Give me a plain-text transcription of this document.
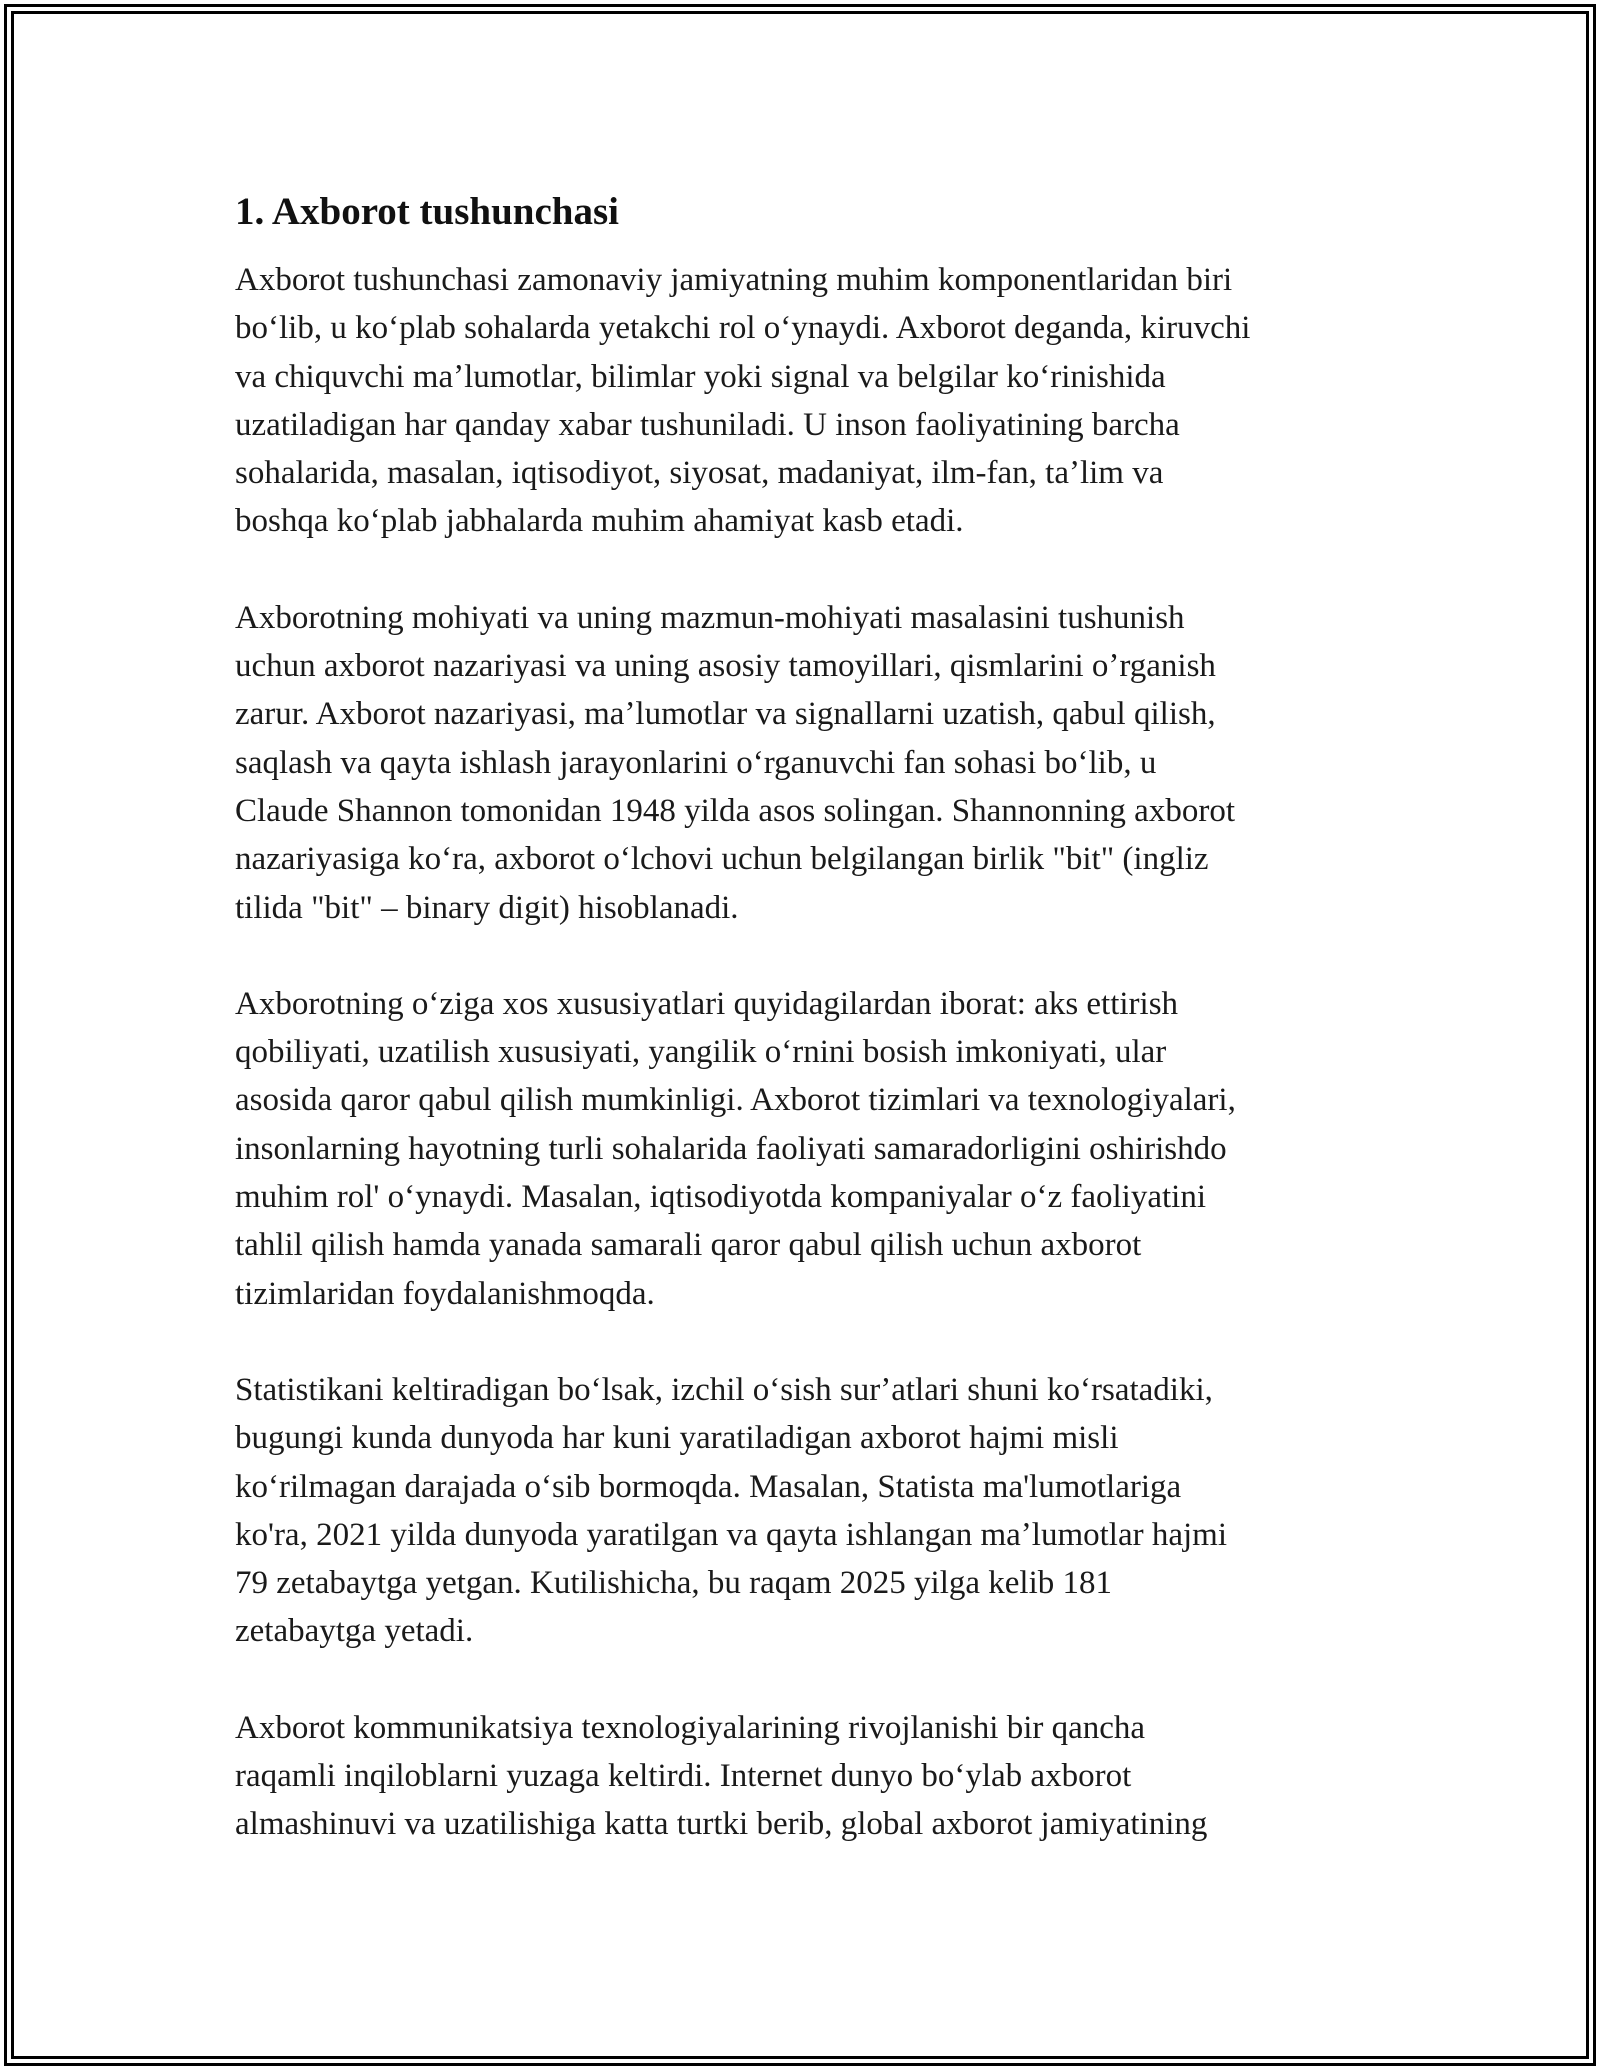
1. Axborot tushunchasi

Axborot tushunchasi zamonaviy jamiyatning muhim komponentlaridan biri
boʻlib, u koʻplab sohalarda yetakchi rol oʻynaydi. Axborot deganda, kiruvchi
va chiquvchi maʼlumotlar, bilimlar yoki signal va belgilar koʻrinishida
uzatiladigan har qanday xabar tushuniladi. U inson faoliyatining barcha
sohalarida, masalan, iqtisodiyot, siyosat, madaniyat, ilm-fan, taʼlim va
boshqa koʻplab jabhalarda muhim ahamiyat kasb etadi.

Axborotning mohiyati va uning mazmun-mohiyati masalasini tushunish
uchun axborot nazariyasi va uning asosiy tamoyillari, qismlarini oʼrganish
zarur. Axborot nazariyasi, maʼlumotlar va signallarni uzatish, qabul qilish,
saqlash va qayta ishlash jarayonlarini oʻrganuvchi fan sohasi boʻlib, u
Claude Shannon tomonidan 1948 yilda asos solingan. Shannonning axborot
nazariyasiga koʻra, axborot oʻlchovi uchun belgilangan birlik "bit" (ingliz
tilida "bit" – binary digit) hisoblanadi.

Axborotning oʻziga xos xususiyatlari quyidagilardan iborat: aks ettirish
qobiliyati, uzatilish xususiyati, yangilik oʻrnini bosish imkoniyati, ular
asosida qaror qabul qilish mumkinligi. Axborot tizimlari va texnologiyalari,
insonlarning hayotning turli sohalarida faoliyati samaradorligini oshirishdo
muhim rol' oʻynaydi. Masalan, iqtisodiyotda kompaniyalar oʻz faoliyatini
tahlil qilish hamda yanada samarali qaror qabul qilish uchun axborot
tizimlaridan foydalanishmoqda.

Statistikani keltiradigan boʻlsak, izchil oʻsish surʼatlari shuni koʻrsatadiki,
bugungi kunda dunyoda har kuni yaratiladigan axborot hajmi misli
koʻrilmagan darajada oʻsib bormoqda. Masalan, Statista ma'lumotlariga
ko'ra, 2021 yilda dunyoda yaratilgan va qayta ishlangan maʼlumotlar hajmi
79 zetabaytga yetgan. Kutilishicha, bu raqam 2025 yilga kelib 181
zetabaytga yetadi.

Axborot kommunikatsiya texnologiyalarining rivojlanishi bir qancha
raqamli inqiloblarni yuzaga keltirdi. Internet dunyo boʻylab axborot
almashinuvi va uzatilishiga katta turtki berib, global axborot jamiyatining
